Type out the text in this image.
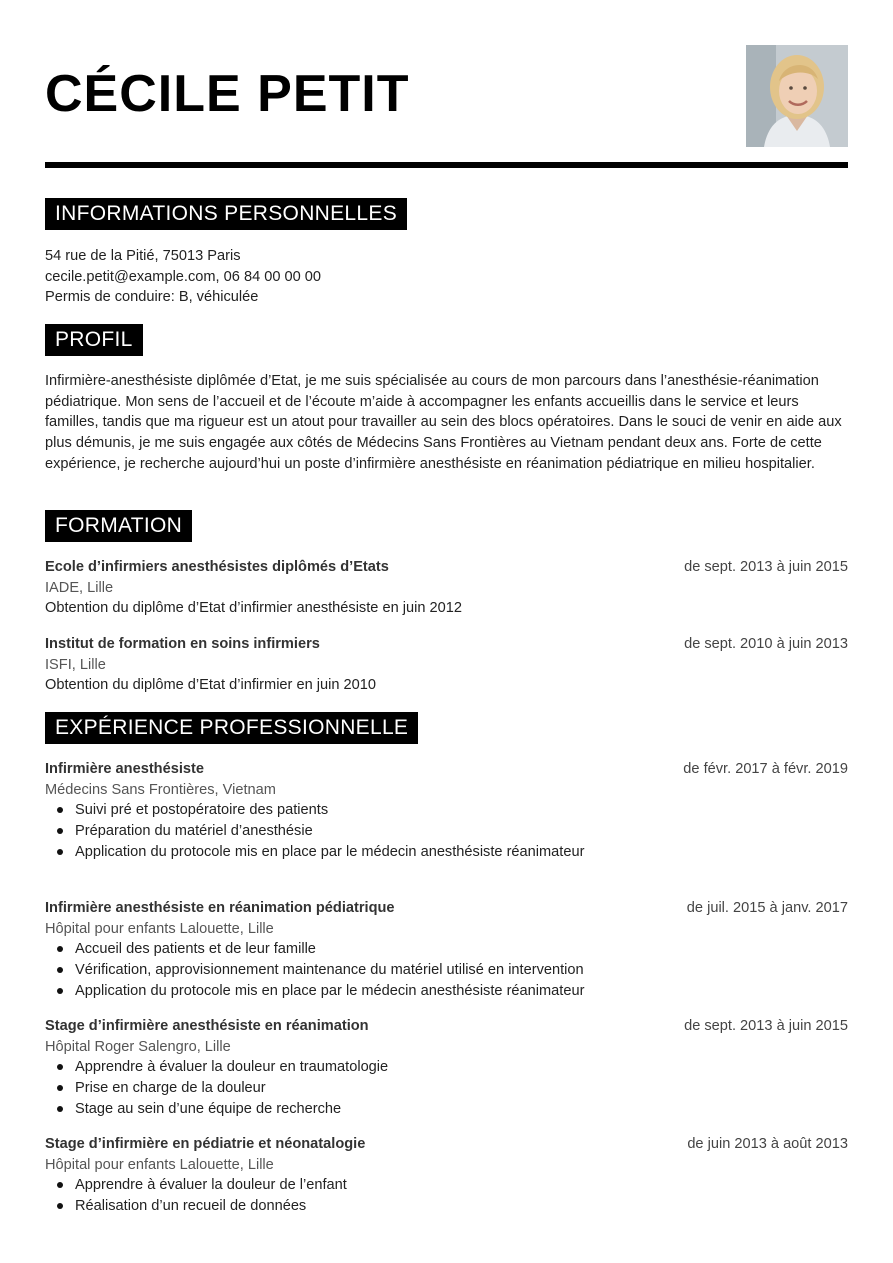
CÉCILE PETIT
INFORMATIONS PERSONNELLES

54 rue de la Pitié, 75013 Paris

cecile.petit@example.com, 06 84 00 00 00

Permis de conduire: B, véhiculée

PROFIL

Infirmière-anesthésiste diplômée d’Etat, je me suis spécialisée au cours de mon parcours dans l’anesthésie-réanimation pédiatrique. Mon sens de l’accueil et de l’écoute m’aide à accompagner les enfants accueillis dans le service et leurs familles, tandis que ma rigueur est un atout pour travailler au sein des blocs opératoires. Dans le souci de venir en aide aux plus démunis, je me suis engagée aux côtés de Médecins Sans Frontières au Vietnam pendant deux ans. Forte de cette expérience, je recherche aujourd’hui un poste d’infirmière anesthésiste en réanimation pédiatrique en milieu hospitalier.

FORMATION

Ecole d’infirmiers anesthésistes diplômés d’Etats

IADE, Lille

Obtention du diplôme d’Etat d’infirmier anesthésiste en juin 2012

de sept. 2013 à juin 2015

Institut de formation en soins infirmiers

ISFI, Lille

Obtention du diplôme d’Etat d’infirmier en juin 2010

de sept. 2010 à juin 2013
EXPÉRIENCE PROFESSIONNELLE

Infirmière anesthésiste

Médecins Sans Frontières, Vietnam

Suivi pré et postopératoire des patients
Préparation du matériel d’anesthésie
Application du protocole mis en place par le médecin anesthésiste réanimateur
de févr. 2017 à févr. 2019

Infirmière anesthésiste en réanimation pédiatrique

Hôpital pour enfants Lalouette, Lille

Accueil des patients et de leur famille
Vérification, approvisionnement maintenance du matériel utilisé en intervention
Application du protocole mis en place par le médecin anesthésiste réanimateur
de juil. 2015 à janv. 2017

Stage d’infirmière anesthésiste en réanimation

Hôpital Roger Salengro, Lille

Apprendre à évaluer la douleur en traumatologie
Prise en charge de la douleur
Stage au sein d’une équipe de recherche
de sept. 2013 à juin 2015

Stage d’infirmière en pédiatrie et néonatalogie

Hôpital pour enfants Lalouette, Lille

Apprendre à évaluer la douleur de l’enfant
Réalisation d’un recueil de données
de juin 2013 à août 2013
